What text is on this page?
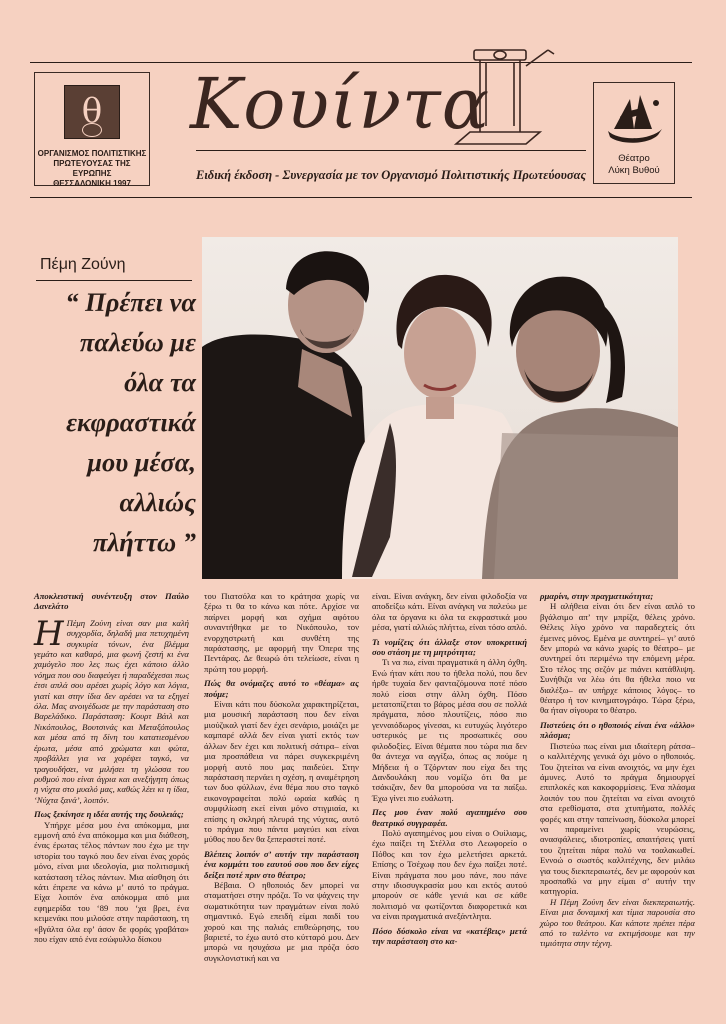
θ
ΟΡΓΑΝΙΣΜΟΣ ΠΟΛΙΤΙΣΤΙΚΗΣ
ΠΡΩΤΕΥΟΥΣΑΣ ΤΗΣ ΕΥΡΩΠΗΣ
ΘΕΣΣΑΛΟΝΙΚΗ 1997
Κουίντα
Ειδική έκδοση - Συνεργασία με τον Οργανισμό Πολιτιστικής Πρωτεύουσας
Θέατρο
Λύκη Βυθού
Πέμη Ζούνη
“ Πρέπει να
παλεύω με
όλα τα
εκφραστικά
μου μέσα,
αλλιώς
πλήττω ”

Αποκλειστική συνέντευξη στον Παύλο Δανελάτο

Η Πέμη Ζούνη είναι σαν μια καλή συγχορδία, δηλαδή μια πετυχημένη συγκυρία τόνων, ένα βλέμμα γεμάτο και καθαρό, μια φωνή ζεστή κι ένα χαμόγελο που λες πως έχει κάποιο άλλο νόημα που σου διαφεύγει ή παραδέχεσαι πως έτσι απλά σου αρέσει χωρίς λόγο και λόγια, γιατί και στην ίδια δεν αρέσει να τα εξηγεί όλα. Μας ανοιγέδωσε με την παράσταση στο Βαρελάδικο. Παράσταση: Κουρτ Βάιλ και Νικόπουλος, Βουτσινάς και Μεταξόπουλος και μέσα από τη δίνη του κατατιεσμένου έρωτα, μέσα από χρώματα και φώτα, προβάλλει για να χορέψει ταγκό, να τραγουδήσει, να μιλήσει τη γλώσσα του ρυθμού που είναι άγρια και ανεξήγητη όπως η νύχτα στο μυαλό μας, καθώς λέει κι η ίδια, ‘Νύχτα ξανά’, λοιπόν.

Πως ξεκίνησε η ιδέα αυτής της δουλειάς;

Υπήρχε μέσα μου ένα απόκομμα, μια εμμονή από ένα απόκομμα και μια διάθεση, ένας έρωτας τέλος πάντων που έχω με την ιστορία του ταγκό που δεν είναι ένας χορός μόνο, είναι μια ιδεολογία, μια πολιτισμική κατάσταση τέλος πάντων. Μια αίσθηση ότι κάτι έπρεπε να κάνω μ’ αυτό το πράγμα. Είχα λοιπόν ένα απόκομμα από μια εφημερίδα του ‘89 που ‘χα βρει, ένα κειμενάκι που μιλούσε στην παράσταση, τη «βγάλτα όλα εφ’ άσον δε φοράς γραβάτα» που είχαν από ένα εσώφυλλο δίσκου

του Πιατσόλα και το κράτησα χωρίς να ξέρω τι θα το κάνω και πότε. Αρχίσε να παίρνει μορφή και σχήμα αφότου συναντήθηκα με το Νικόπουλο, τον ενορχηστρωτή και συνθέτη της παράστασης, με αφορμή την Όπερα της Πεντάρας. Δε θεωρώ ότι τελείωσε, είναι η πρώτη του μορφή.

Πώς θα ονόμαζες αυτό το «θέαμα» ας πούμε;

Είναι κάτι που δύσκολα χαρακτηρίζεται, μια μουσική παράσταση που δεν είναι μιούζικαλ γιατί δεν έχει σενάριο, μοιάζει με καμπαρέ αλλά δεν είναι γιατί εκτός των άλλων δεν έχει και πολιτική σάτιρα– είναι μια προσπάθεια να πάρει συγκεκριμένη μορφή αυτό που μας παιδεύει. Στην παράσταση περνάει η σχέση, η αναμέτρηση των δυο φύλλων, ένα θέμα που στο ταγκό εικονογραφείται πολύ ωραία καθώς η συμφιλίωση εκεί είναι μόνο στιγμιαία, κι επίσης η σκληρή πλευρά της νύχτας, αυτό το πράγμα που πάντα μαγεύει και είναι μύθος που δεν θα ξεπεραστεί ποτέ.

Βλέπεις λοιπόν σ’ αυτήν την παράσταση ένα κομμάτι του εαυτού σου που δεν είχες δείξει ποτέ πριν στο θέατρο;

Βέβαια. Ο ηθοποιός δεν μπορεί να σταματήσει στην πρόζα. Το να ψάχνεις την σωματικότητα των πραγμάτων είναι πολύ σημαντικό. Εγώ επειδή είμαι παιδί του χορού και της παλιάς επιθεώρησης, του βαριετέ, το έχω αυτό στο κύτταρό μου. Δεν μπορώ να ησυχάσω με μια πρόζα όσο συγκλονιστική και να

είναι. Είναι ανάγκη, δεν είναι φιλοδοξία να αποδείξω κάτι. Είναι ανάγκη να παλεύω με όλα τα όργανα κι όλα τα εκφραστικά μου μέσα, γιατί αλλιώς πλήττω, είναι τόσο απλό.

Τι νομίζεις ότι άλλαξε στον υποκριτική σου στάση με τη μητρότητα;

Τι να πω, είναι πραγματικά η άλλη όχθη. Ενώ ήταν κάτι που το ήθελα πολύ, που δεν ήρθε τυχαία δεν φανταζόμουνα ποτέ πόσο πολύ είσαι στην άλλη όχθη. Πόσο μετατοπίζεται το βάρος μέσα σου σε πολλά πράγματα, πόσο πλουτίζεις, πόσο πιο γενναιόδωρος γίνεσαι, κι ευτυχώς λιγότερο υστερικός με τις προσωπικές σου φιλοδοξίες. Είναι θέματα που τώρα πια δεν θα άντεχα να αγγίξω, όπως ας πούμε η Μήδεια ή ο Τζόρνταν που είχα δει της Δανδουλάκη που νομίζω ότι θα με τσάκιζαν, δεν θα μπορούσα να τα παίξω. Έχω γίνει πιο ευάλωτη.

Πες μου έναν πολύ αγαπημένο σου θεατρικό συγγραφέα.

Πολύ αγαπημένος μου είναι ο Ουίλιαμς, έχω παίξει τη Στέλλα στο Λεωφορείο ο Πόθος και τον έχω μελετήσει αρκετά. Επίσης ο Τσέχωφ που δεν έχω παίξει ποτέ. Είναι πράγματα που μου πάνε, που πάνε στην ιδιοσυγκρασία μου και εκτός αυτού μπορούν σε κάθε γενιά και σε κάθε πολιτισμό να φωτίζονται διαφορετικά και να είναι πραγματικά ανεξάντλητα.

Πόσο δύσκολο είναι να «κατέβεις» μετά την παράσταση στο κα-

ρμαρίνι, στην πραγματικότητα;

Η αλήθεια είναι ότι δεν είναι απλό το βγάλσιμο απ’ την μπρίζα, θέλεις χρόνο. Θέλεις λίγο χρόνο να παραδεχτείς ότι έμεινες μόνος. Εμένα με συντηρεί– γι’ αυτό δεν μπορώ να κάνω χωρίς το θέατρο– με συντηρεί ότι περιμένω την επόμενη μέρα. Στο τέλος της σεζόν με πιάνει κατάθλιψη. Συνήθιζα να λέω ότι θα ήθελα ποιο να διαλέξω– αν υπήρχε κάποιος λόγος– το θέατρο ή τον κινηματογράφο. Τώρα ξέρω, θα ήταν σίγουρα το θέατρο.

Πιστεύεις ότι ο ηθοποιός είναι ένα «άλλο» πλάσμα;

Πιστεύω πως είναι μια ιδιαίτερη ράτσα– ο καλλιτέχνης γενικά όχι μόνο ο ηθοποιός. Του ζητείται να είναι ανοιχτός, να μην έχει άμυνες. Αυτό το πράγμα δημιουργεί επιπλοκές και κακοφορμίσεις. Ένα πλάσμα λοιπόν του που ζητείται να είναι ανοιχτό στα ερεθίσματα, στα χτυπήματα, πολλές φορές και στην ταπείνωση, δύσκολα μπορεί να παραμείνει χωρίς νευρώσεις, ανασφάλειες, ιδιοτροπίες, απαιτήσεις γιατί του ζητείται πάρα πολύ να τοαλακωθεί. Εννοώ ο σωστός καλλιτέχνης, δεν μιλάω για τους διεκπεραιωτές, δεν με αφορούν και προσπαθώ να μην είμαι σ’ αυτήν την κατηγορία.

Η Πέμη Ζούνη δεν είναι διεκπεραιωτής. Είναι μια δυναμική και τίμια παρουσία στο χώρο του θεάτρου. Και κάποτε πρέπει πέρα από το ταλέντο να εκτιμήσουμε και την τιμιότητα στην τέχνη.
